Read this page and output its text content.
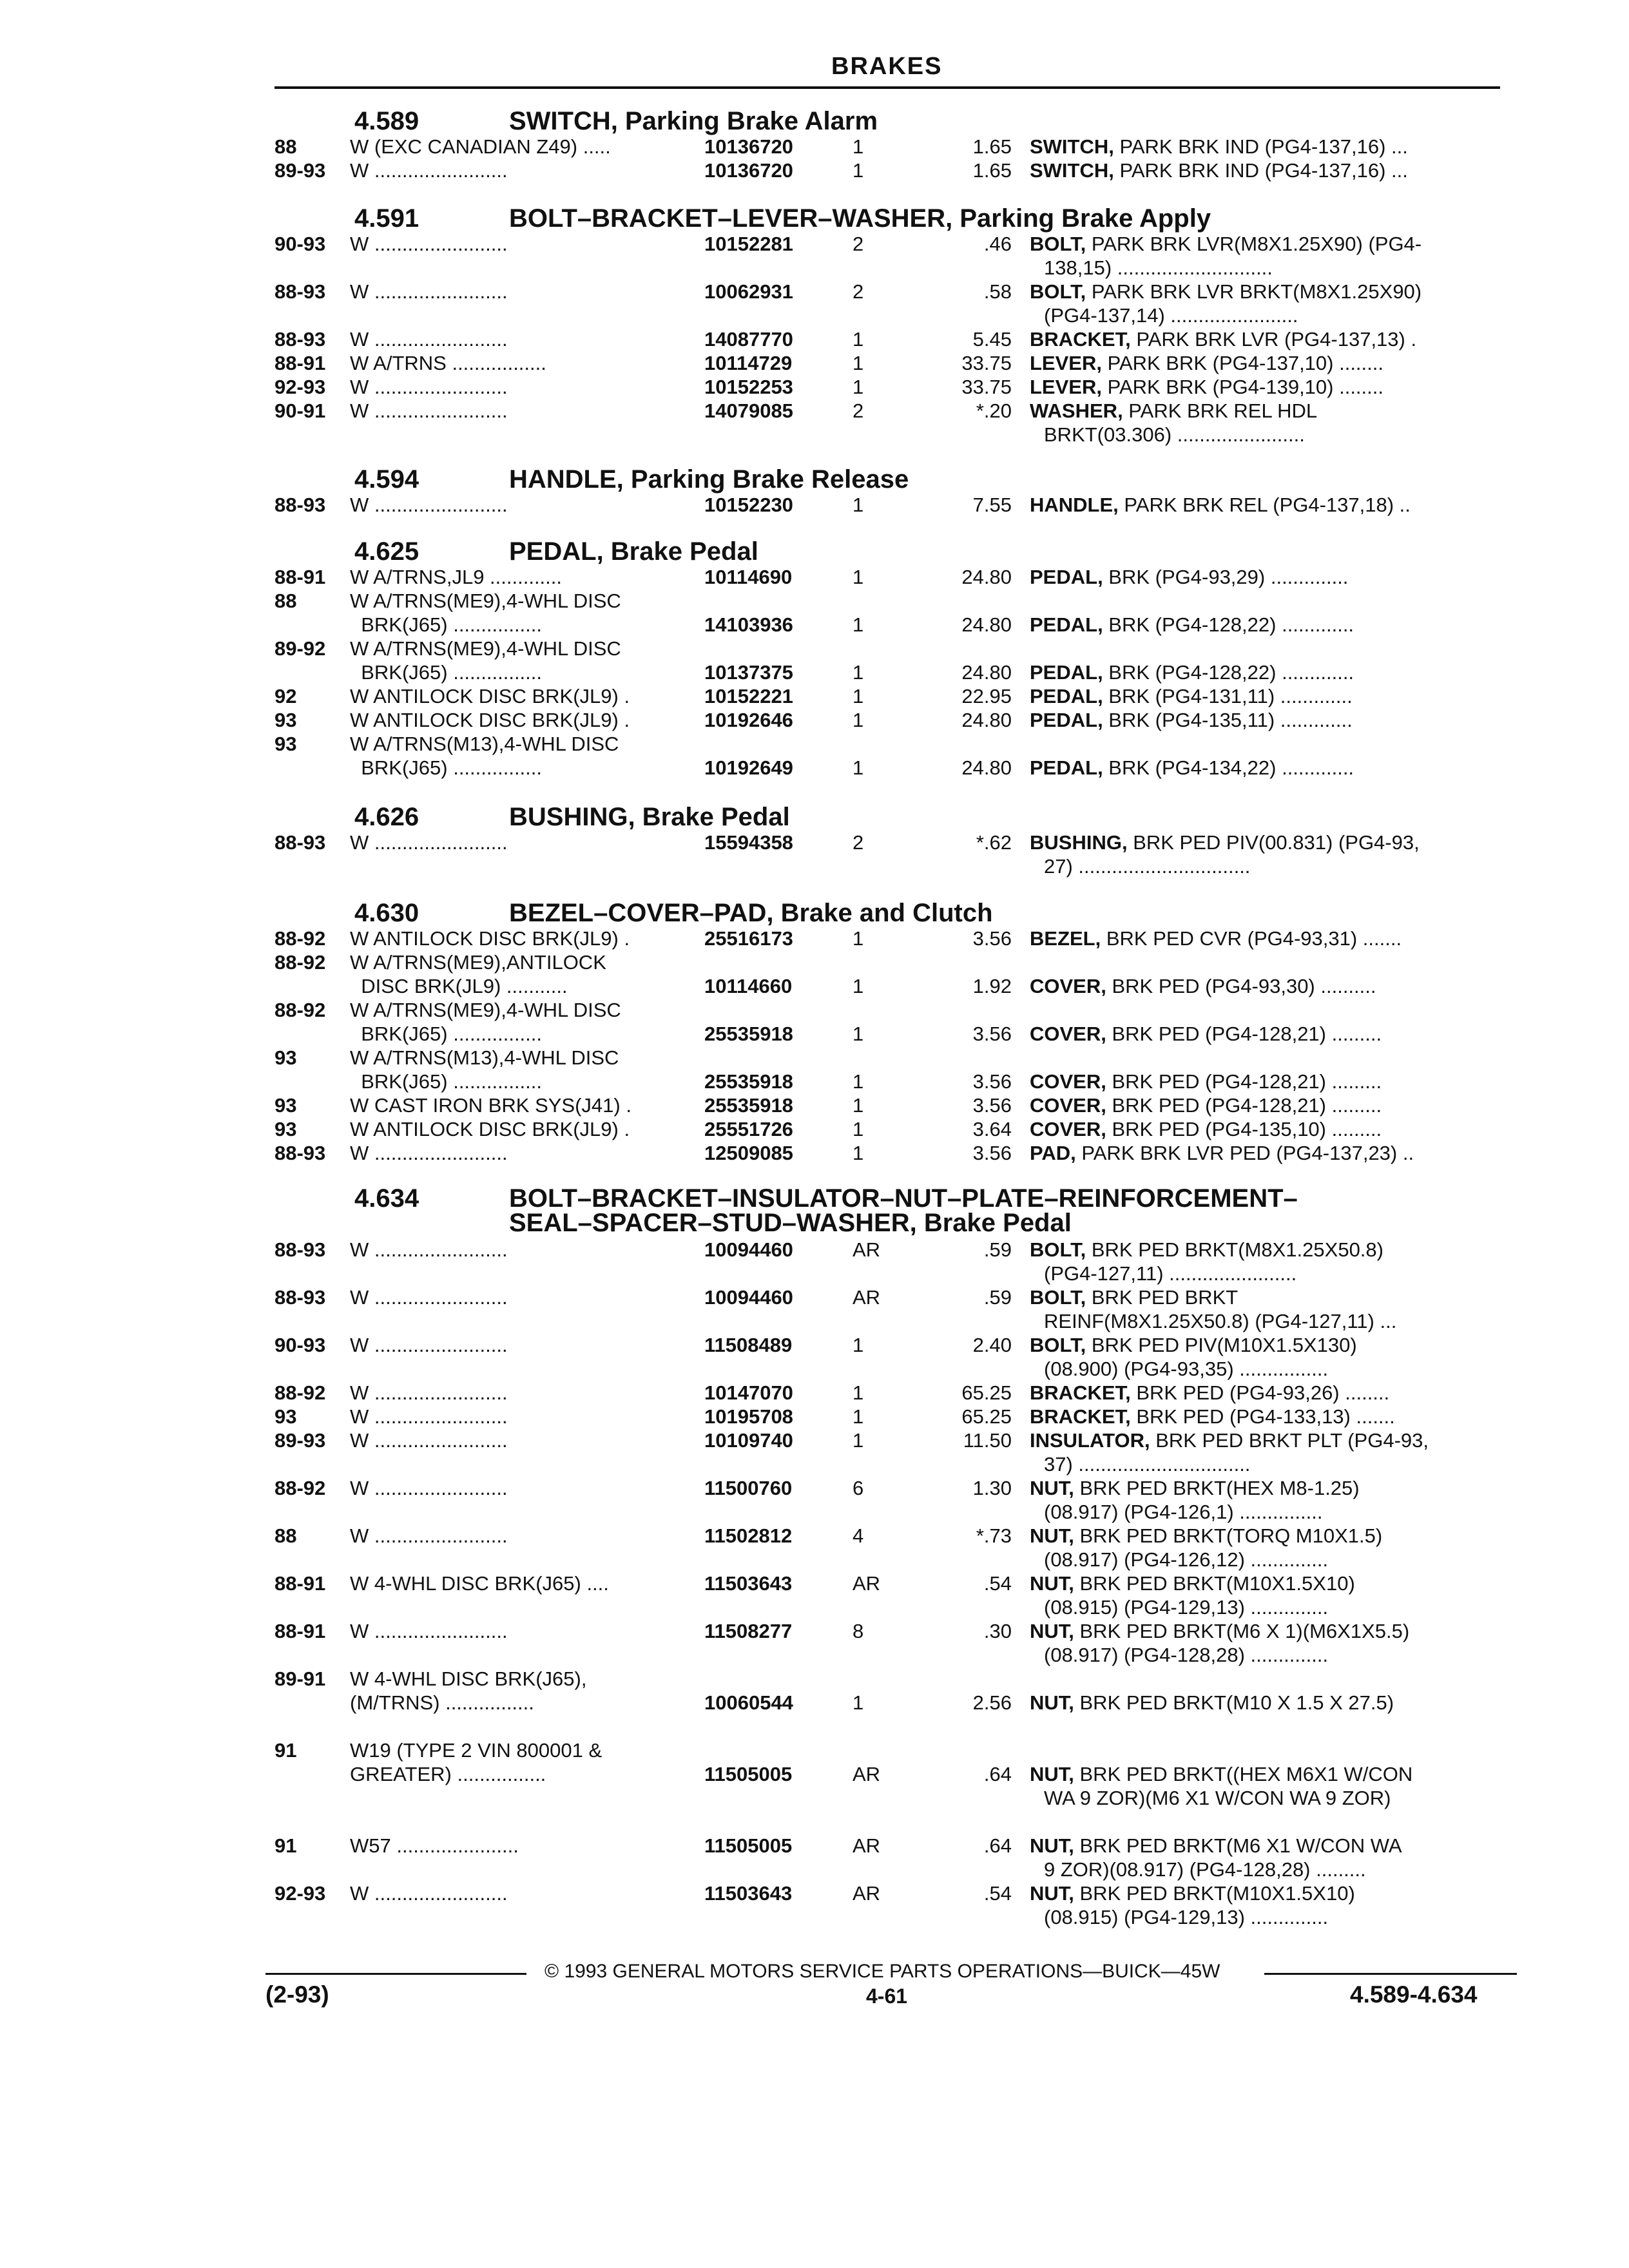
BRAKES
4.589	SWITCH, Parking Brake Alarm
88	W (EXC CANADIAN Z49) .....	10136720	1	1.65 SWITCH, PARK BRK IND (PG4-137,16) ...
89-93 W ........................	10136720	1	1.65 SWITCH, PARK BRK IND (PG4-137,16) ...
4.591	BOLT–BRACKET–LEVER–WASHER, Parking Brake Apply
90-93 W ........................	10152281	2	.46 BOLT, PARK BRK LVR(M8X1.25X90) (PG4-
138,15) ............................
88-93 W ........................	10062931	2	.58 BOLT, PARK BRK LVR BRKT(M8X1.25X90)
(PG4-137,14) .......................
88-93 W ........................	14087770	1	5.45 BRACKET, PARK BRK LVR (PG4-137,13) .
88-91 W A/TRNS .................	10114729	1	33.75 LEVER, PARK BRK (PG4-137,10) ........
92-93 W ........................	10152253	1	33.75 LEVER, PARK BRK (PG4-139,10) ........
90-91 W ........................	14079085	2	*.20 WASHER, PARK BRK REL HDL
BRKT(03.306) .......................
4.594	HANDLE, Parking Brake Release
88-93 W ........................	10152230	1	7.55 HANDLE, PARK BRK REL (PG4-137,18) ..
4.625	PEDAL, Brake Pedal
88-91 W A/TRNS,JL9 .............	10114690	1	24.80 PEDAL, BRK (PG4-93,29) ..............
88	W A/TRNS(ME9),4-WHL DISC
BRK(J65) ................	14103936	1	24.80 PEDAL, BRK (PG4-128,22) .............
89-92 W A/TRNS(ME9),4-WHL DISC
BRK(J65) ................	10137375	1	24.80 PEDAL, BRK (PG4-128,22) .............
92	W ANTILOCK DISC BRK(JL9) .	10152221	1	22.95 PEDAL, BRK (PG4-131,11) .............
93	W ANTILOCK DISC BRK(JL9) .	10192646	1	24.80 PEDAL, BRK (PG4-135,11) .............
93	W A/TRNS(M13),4-WHL DISC
BRK(J65) ................	10192649	1	24.80 PEDAL, BRK (PG4-134,22) .............
4.626	BUSHING, Brake Pedal
88-93 W ........................	15594358	2	*.62 BUSHING, BRK PED PIV(00.831) (PG4-93,
27) ...............................
4.630	BEZEL–COVER–PAD, Brake and Clutch
88-92 W ANTILOCK DISC BRK(JL9) .	25516173	1	3.56 BEZEL, BRK PED CVR (PG4-93,31) .......
88-92 W A/TRNS(ME9),ANTILOCK
DISC BRK(JL9) ...........	10114660	1	1.92 COVER, BRK PED (PG4-93,30) ..........
88-92 W A/TRNS(ME9),4-WHL DISC
BRK(J65) ................	25535918	1	3.56 COVER, BRK PED (PG4-128,21) .........
93	W A/TRNS(M13),4-WHL DISC
BRK(J65) ................	25535918	1	3.56 COVER, BRK PED (PG4-128,21) .........
93	W CAST IRON BRK SYS(J41) .	25535918	1	3.56 COVER, BRK PED (PG4-128,21) .........
93	W ANTILOCK DISC BRK(JL9) .	25551726	1	3.64 COVER, BRK PED (PG4-135,10) .........
88-93 W ........................	12509085	1	3.56 PAD, PARK BRK LVR PED (PG4-137,23) ..
4.634	BOLT–BRACKET–INSULATOR–NUT–PLATE–REINFORCEMENT–
SEAL–SPACER–STUD–WASHER, Brake Pedal
88-93 W ........................	10094460	AR	.59 BOLT, BRK PED BRKT(M8X1.25X50.8)
(PG4-127,11) .......................
88-93 W ........................	10094460	AR	.59 BOLT, BRK PED BRKT
REINF(M8X1.25X50.8) (PG4-127,11) ...
90-93 W ........................	11508489	1	2.40 BOLT, BRK PED PIV(M10X1.5X130)
(08.900) (PG4-93,35) ................
88-92 W ........................	10147070	1	65.25 BRACKET, BRK PED (PG4-93,26) ........
93	W ........................	10195708	1	65.25 BRACKET, BRK PED (PG4-133,13) .......
89-93 W ........................	10109740	1	11.50 INSULATOR, BRK PED BRKT PLT (PG4-93,
37) ...............................
88-92 W ........................	11500760	6	1.30 NUT, BRK PED BRKT(HEX M8-1.25)
(08.917) (PG4-126,1) ...............
88	W ........................	11502812	4	*.73 NUT, BRK PED BRKT(TORQ M10X1.5)
(08.917) (PG4-126,12) ..............
88-91 W 4-WHL DISC BRK(J65) ....	11503643	AR	.54 NUT, BRK PED BRKT(M10X1.5X10)
(08.915) (PG4-129,13) ..............
88-91 W ........................	11508277	8	.30 NUT, BRK PED BRKT(M6 X 1)(M6X1X5.5)
(08.917) (PG4-128,28) ..............
89-91 W 4-WHL DISC BRK(J65),
(M/TRNS) ................	10060544	1	2.56 NUT, BRK PED BRKT(M10 X 1.5 X 27.5)
91	W19 (TYPE 2 VIN 800001 &
GREATER) ................	11505005	AR	.64 NUT, BRK PED BRKT((HEX M6X1 W/CON
WA 9 ZOR)(M6 X1 W/CON WA 9 ZOR)
91	W57 ......................	11505005	AR	.64 NUT, BRK PED BRKT(M6 X1 W/CON WA
9 ZOR)(08.917) (PG4-128,28) .........
92-93 W ........................	11503643	AR	.54 NUT, BRK PED BRKT(M10X1.5X10)
(08.915) (PG4-129,13) ..............
© 1993 GENERAL MOTORS SERVICE PARTS OPERATIONS—BUICK—45W
(2-93)	4-61	4.589-4.634
